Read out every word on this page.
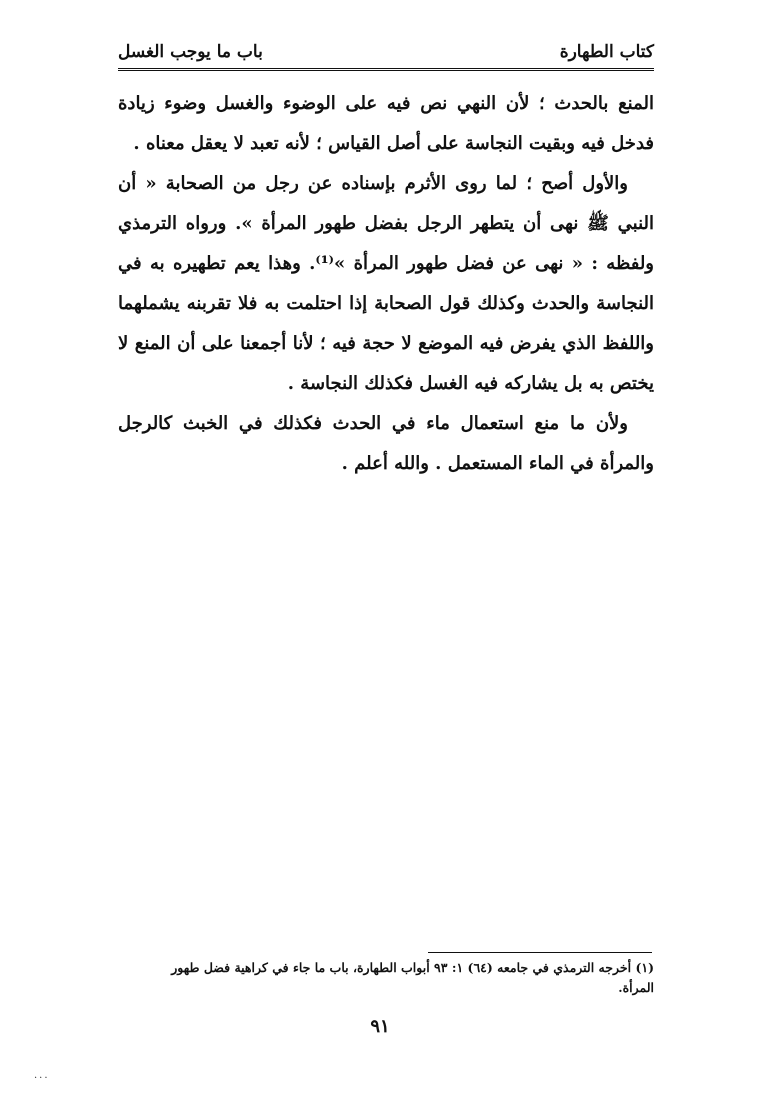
كتاب الطهارة
باب ما يوجب الغسل

المنع بالحدث ؛ لأن النهي نص فيه على الوضوء والغسل وضوء زيادة فدخل فيه وبقيت النجاسة على أصل القياس ؛ لأنه تعبد لا يعقل معناه .

والأول أصح ؛ لما روى الأثرم بإسناده عن رجل من الصحابة « أن النبي ﷺ نهى أن يتطهر الرجل بفضل طهور المرأة ». ورواه الترمذي ولفظه : « نهى عن فضل طهور المرأة »⁽¹⁾. وهذا يعم تطهيره به في النجاسة والحدث وكذلك قول الصحابة إذا احتلمت به فلا تقربنه يشملهما واللفظ الذي يفرض فيه الموضع لا حجة فيه ؛ لأنا أجمعنا على أن المنع لا يختص به بل يشاركه فيه الغسل فكذلك النجاسة .

ولأن ما منع استعمال ماء في الحدث فكذلك في الخبث كالرجل والمرأة في الماء المستعمل . والله أعلم .

(١) أخرجه الترمذي في جامعه (٦٤) ١: ٩٣ أبواب الطهارة، باب ما جاء في كراهية فضل طهور المرأة.
٩١
...
